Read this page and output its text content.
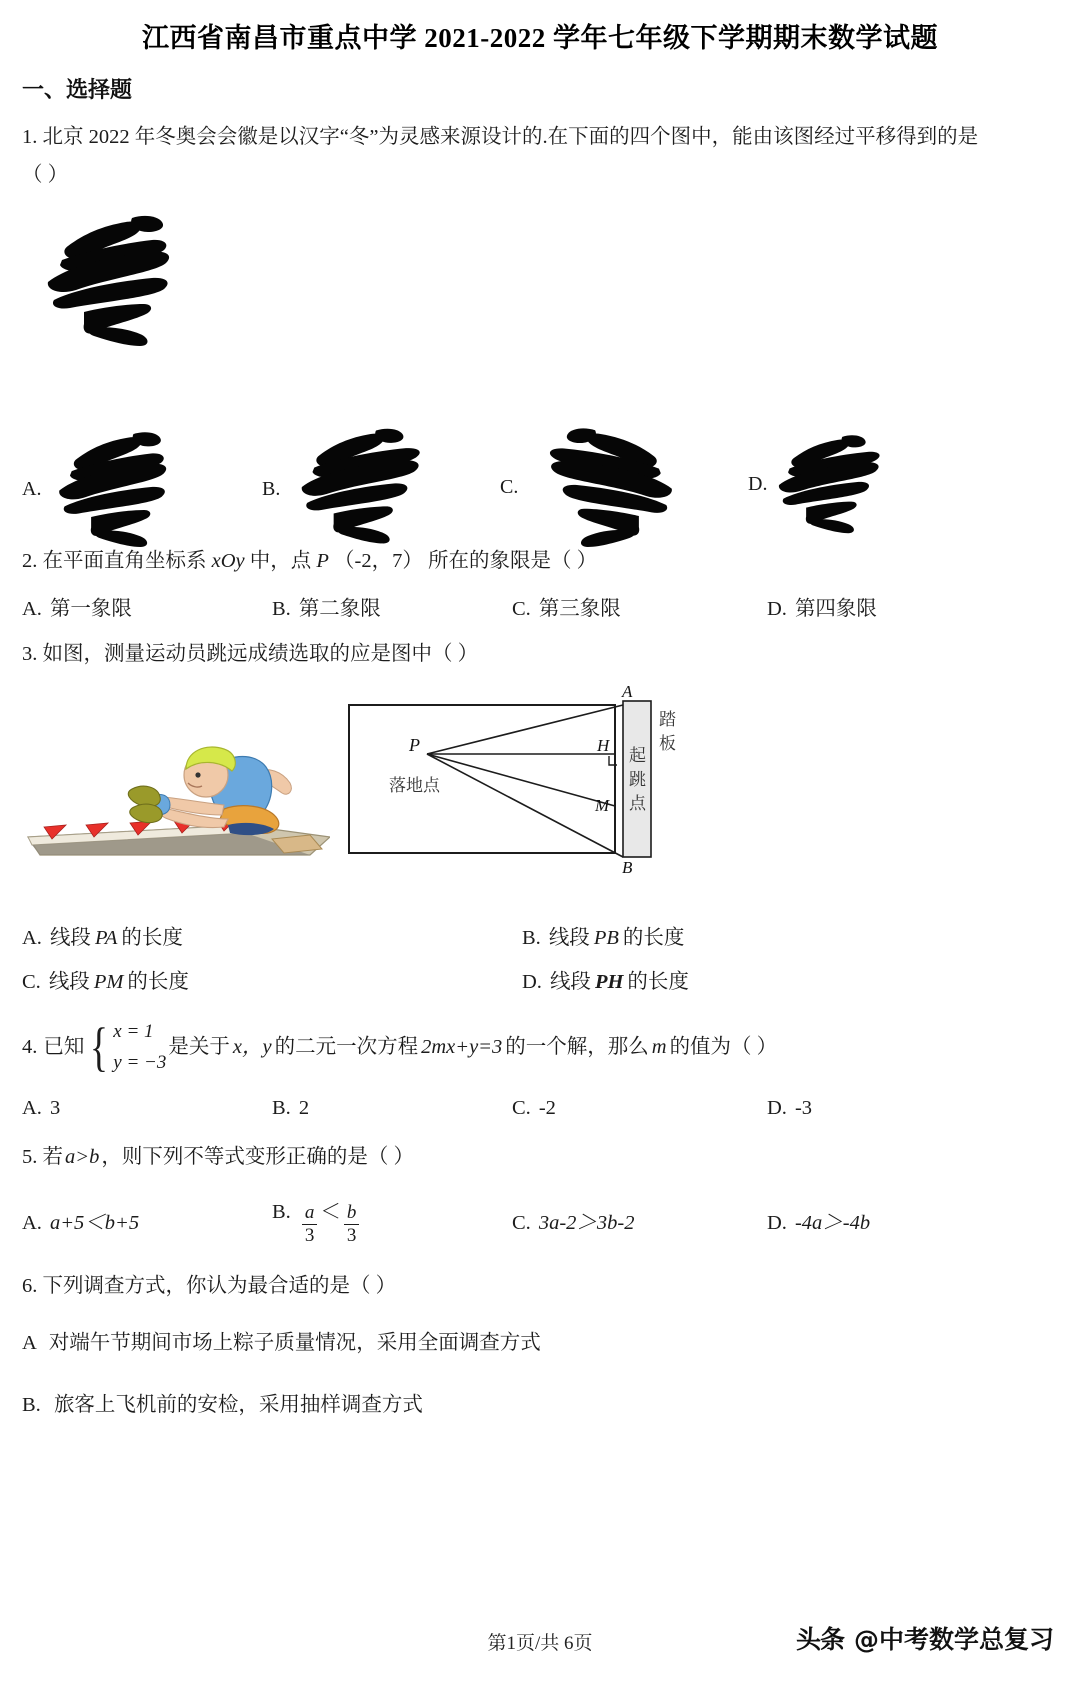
江西省南昌市重点中学 2021-2022 学年七年级下学期期末数学试题
一、选择题
1. 北京 2022 年冬奥会会徽是以汉字“冬”为灵感来源设计的.在下面的四个图中，能由该图经过平移得到的是
（ ）
A.	B.	C.	D.
2. 在平面直角坐标系 xOy 中，点 P （‑2，7） 所在的象限是（ ）
A. 第一象限	B. 第二象限	C. 第三象限	D. 第四象限
3. 如图，测量运动员跳远成绩选取的应是图中（ ）
A
B
H
M
P
落地点
起
跳
点
踏
板
A. 线段 PA 的长度	B. 线段 PB 的长度
C. 线段 PM 的长度	D. 线段 PH 的长度
4. 已知 { x = 1
y = −3
是关于 x，y 的二元一次方程 2mx+y=3 的一个解，那么 m 的值为（ ）
A. 3	B. 2	C. ‑2	D. ‑3
5. 若a>b，则下列不等式变形正确的是（ ）
A. a+5＜b+5
B. $\frac{a}{3} < \frac{b}{3}$	C. 3a‑2＞3b‑2	D. ‑4a＞‑4b
6. 下列调查方式，你认为最合适的是（ ）
A 对端午节期间市场上粽子质量情况，采用全面调查方式
B. 旅客上飞机前的安检，采用抽样调查方式
第1页/共 6页	头条 @中考数学总复习
